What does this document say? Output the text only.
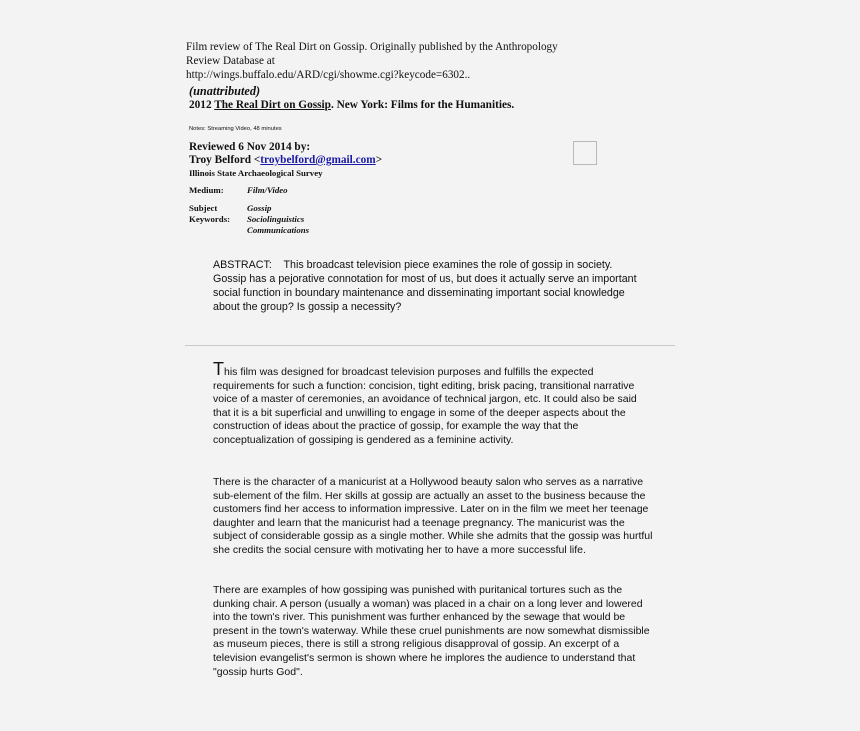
Film review of The Real Dirt on Gossip. Originally published by the Anthropology
Review Database at
http://wings.buffalo.edu/ARD/cgi/showme.cgi?keycode=6302..
(unattributed)
2012 The Real Dirt on Gossip. New York: Films for the Humanities.
Notes: Streaming Video, 48 minutes
Reviewed 6 Nov 2014 by:
Troy Belford <troybelford@gmail.com>
Illinois State Archaeological Survey
Medium:	Film/Video
Subject
Keywords:
Gossip
Sociolinguistics
Communications
ABSTRACT:    This broadcast television piece examines the role of gossip in society. Gossip has a pejorative connotation for most of us, but does it actually serve an important social function in boundary maintenance and disseminating important social knowledge about the group? Is gossip a necessity?
This film was designed for broadcast television purposes and fulfills the expected requirements for such a function: concision, tight editing, brisk pacing, transitional narrative voice of a master of ceremonies, an avoidance of technical jargon, etc. It could also be said that it is a bit superficial and unwilling to engage in some of the deeper aspects about the construction of ideas about the practice of gossip, for example the way that the conceptualization of gossiping is gendered as a feminine activity.
There is the character of a manicurist at a Hollywood beauty salon who serves as a narrative sub-element of the film. Her skills at gossip are actually an asset to the business because the customers find her access to information impressive. Later on in the film we meet her teenage daughter and learn that the manicurist had a teenage pregnancy. The manicurist was the subject of considerable gossip as a single mother. While she admits that the gossip was hurtful she credits the social censure with motivating her to have a more successful life.
There are examples of how gossiping was punished with puritanical tortures such as the dunking chair. A person (usually a woman) was placed in a chair on a long lever and lowered into the town's river. This punishment was further enhanced by the sewage that would be present in the town's waterway. While these cruel punishments are now somewhat dismissible as museum pieces, there is still a strong religious disapproval of gossip. An excerpt of a television evangelist's sermon is shown where he implores the audience to understand that "gossip hurts God".
